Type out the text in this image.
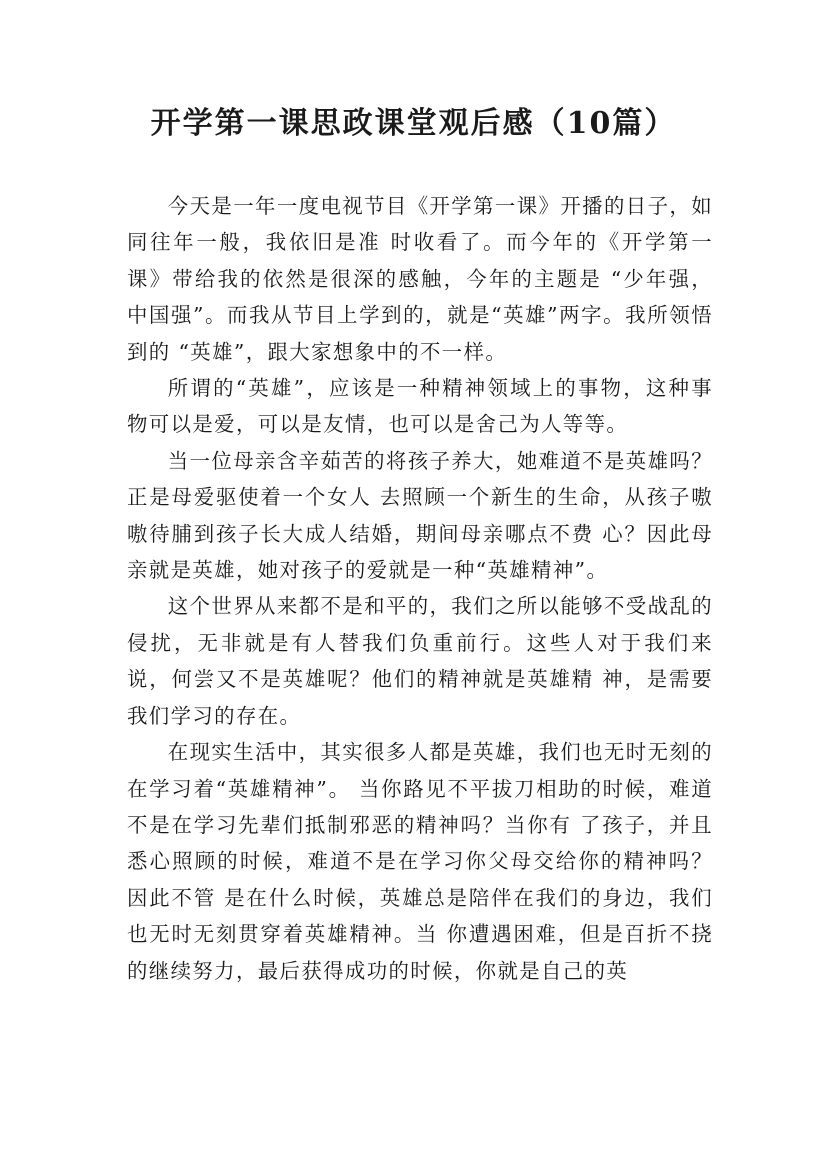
开学第一课思政课堂观后感（10篇）

今天是一年一度电视节目《开学第一课》开播的日子，如同往年一般，我依旧是准 时收看了。而今年的《开学第一课》带给我的依然是很深的感触，今年的主题是 “少年强，中国强”。而我从节目上学到的，就是“英雄”两字。我所领悟到的 “英雄”，跟大家想象中的不一样。

所谓的“英雄”，应该是一种精神领域上的事物，这种事物可以是爱，可以是友情，也可以是舍己为人等等。

当一位母亲含辛茹苦的将孩子养大，她难道不是英雄吗？正是母爱驱使着一个女人 去照顾一个新生的生命，从孩子嗷嗷待脯到孩子长大成人结婚，期间母亲哪点不费 心？因此母亲就是英雄，她对孩子的爱就是一种“英雄精神”。

这个世界从来都不是和平的，我们之所以能够不受战乱的侵扰，无非就是有人替我们负重前行。这些人对于我们来说，何尝又不是英雄呢？他们的精神就是英雄精 神，是需要我们学习的存在。

在现实生活中，其实很多人都是英雄，我们也无时无刻的在学习着“英雄精神”。 当你路见不平拔刀相助的时候，难道不是在学习先辈们抵制邪恶的精神吗？当你有 了孩子，并且悉心照顾的时候，难道不是在学习你父母交给你的精神吗？因此不管 是在什么时候，英雄总是陪伴在我们的身边，我们也无时无刻贯穿着英雄精神。当 你遭遇困难，但是百折不挠的继续努力，最后获得成功的时候，你就是自己的英
